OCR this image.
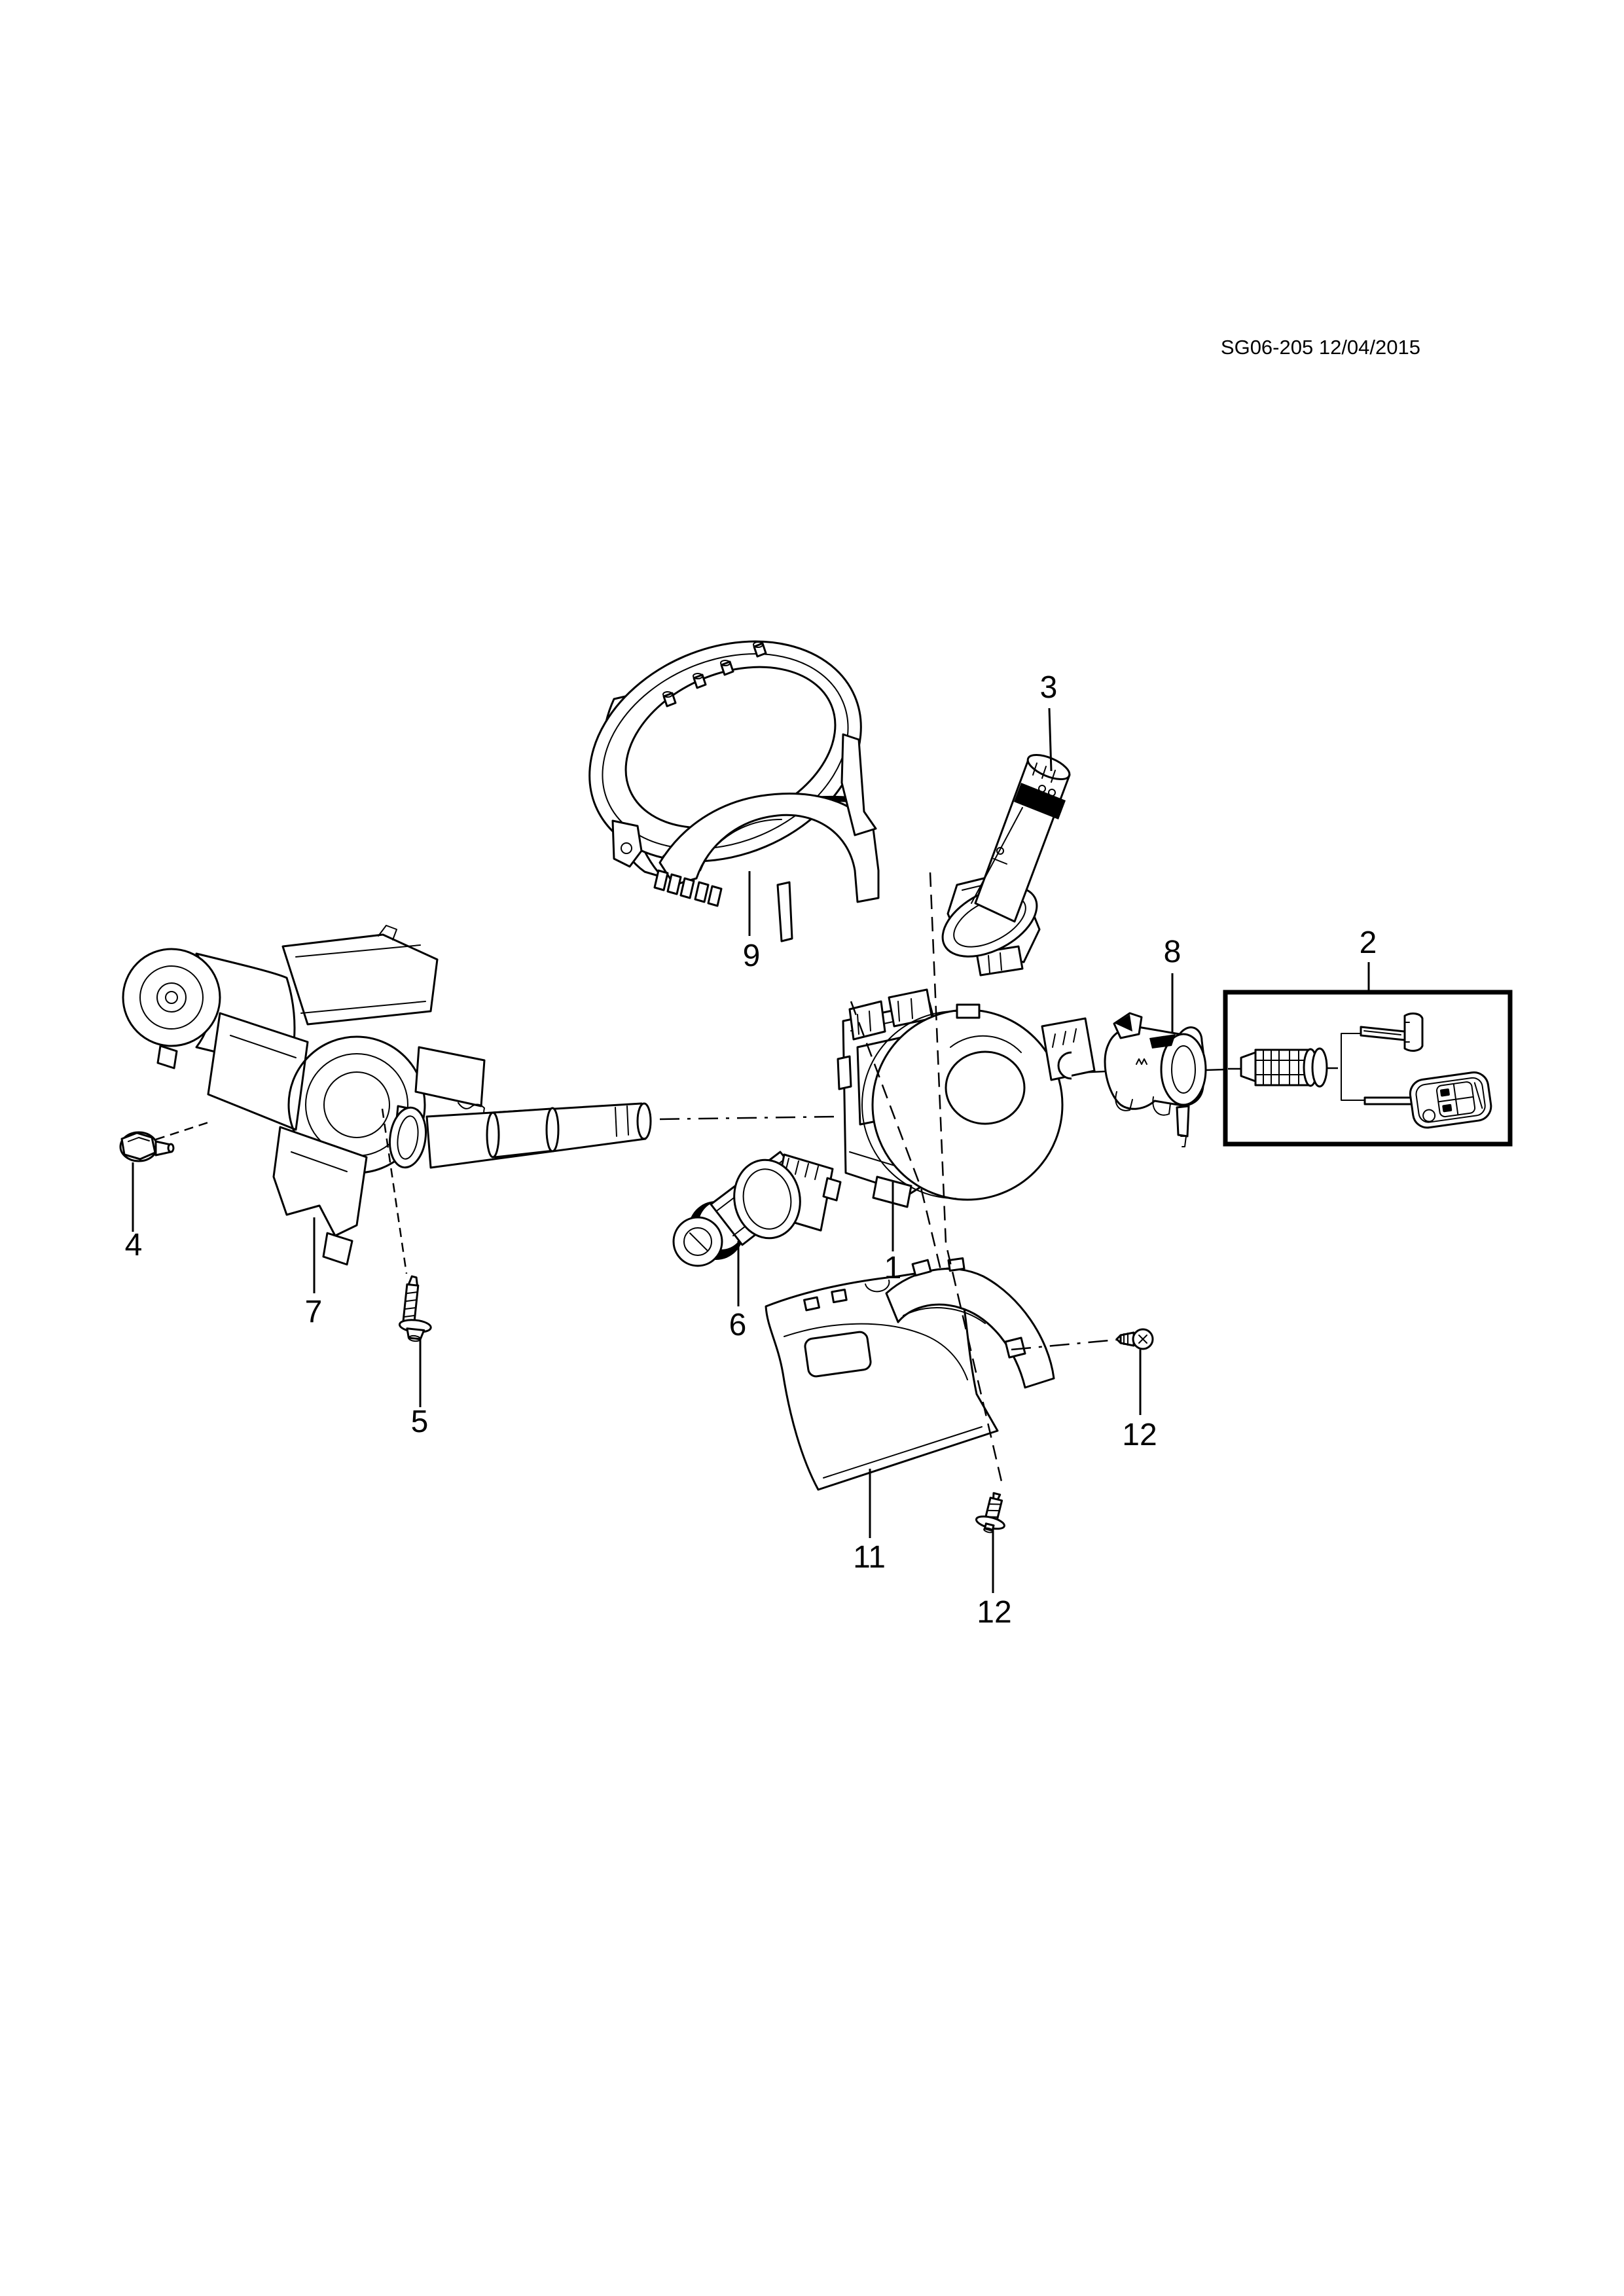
1
2
3
4
5
6
7
8
9
11
12
12
SG06-205 12/04/2015
